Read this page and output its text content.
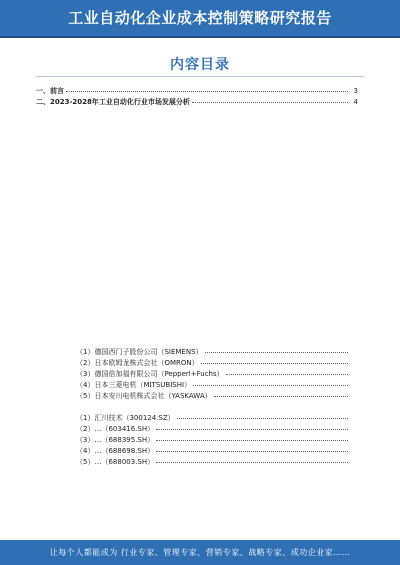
工业自动化企业成本控制策略研究报告
内容目录
一、前言	3
二、2023-2028年工业自动化行业市场发展分析	4
（1）德国西门子股份公司（SIEMENS）
（2）日本欧姆龙株式会社（OMRON）
（3）德国倍加福有限公司（Pepperl+Fuchs）
（4）日本三菱电机（MITSUBISHI）
（5）日本安川电机株式会社（YASKAWA）
（1）汇川技术（300124.SZ）
（2）…（603416.SH）
（3）…（688395.SH）
（4）…（688698.SH）
（5）…（688003.SH）
让每个人都能成为 行业专家、管理专家、营销专家、战略专家、成功企业家……
